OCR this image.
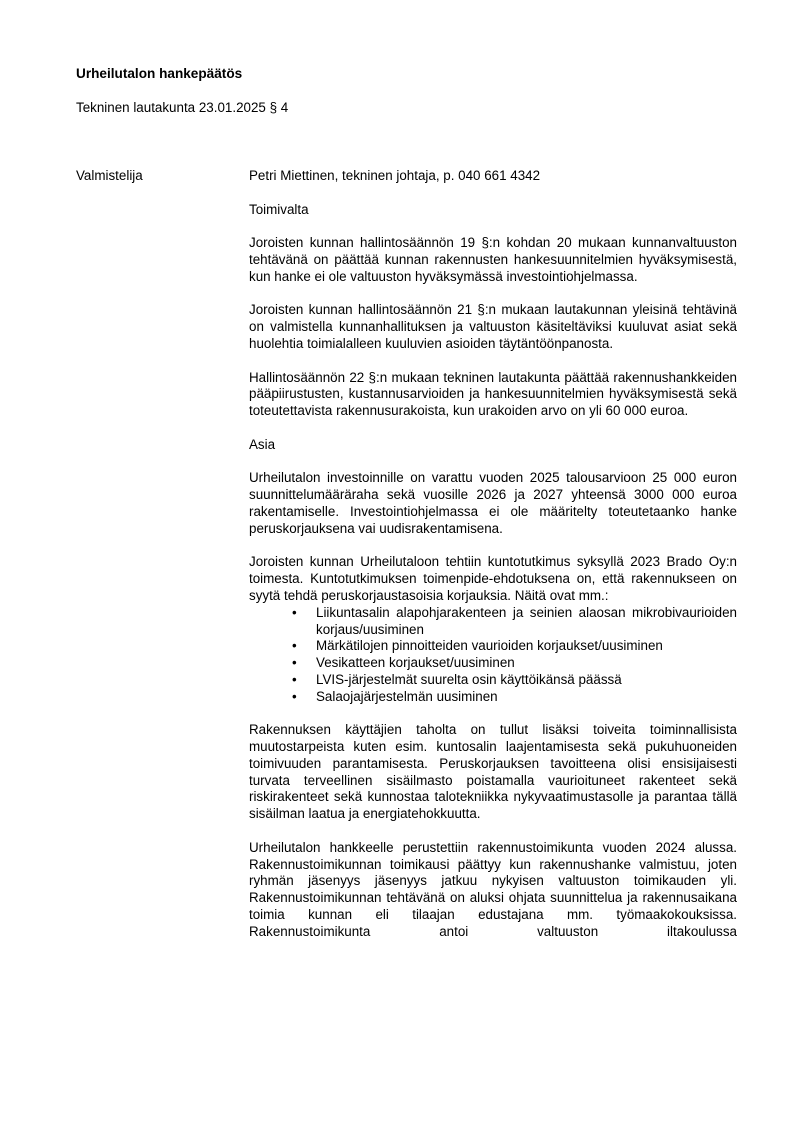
Urheilutalon hankepäätös
Tekninen lautakunta 23.01.2025 § 4
Valmistelija	Petri Miettinen, tekninen johtaja, p. 040 661 4342

Toimivalta

Joroisten kunnan hallintosäännön 19 §:n kohdan 20 mukaan kunnanvaltuuston tehtävänä on päättää kunnan rakennusten hankesuunnitelmien hyväksymisestä, kun hanke ei ole valtuuston hyväksymässä investointiohjelmassa.

Joroisten kunnan hallintosäännön 21 §:n mukaan lautakunnan yleisinä tehtävinä on valmistella kunnanhallituksen ja valtuuston käsiteltäviksi kuuluvat asiat sekä huolehtia toimialalleen kuuluvien asioiden täytäntöönpanosta.

Hallintosäännön 22 §:n mukaan tekninen lautakunta päättää rakennushankkeiden pääpiirustusten, kustannusarvioiden ja hankesuunnitelmien hyväksymisestä sekä toteutettavista rakennusurakoista, kun urakoiden arvo on yli 60 000 euroa.

Asia

Urheilutalon investoinnille on varattu vuoden 2025 talousarvioon 25 000 euron suunnittelumääräraha sekä vuosille 2026 ja 2027 yhteensä 3000 000 euroa rakentamiselle. Investointiohjelmassa ei ole määritelty toteutetaanko hanke peruskorjauksena vai uudisrakentamisena.

Joroisten kunnan Urheilutaloon tehtiin kuntotutkimus syksyllä 2023 Brado Oy:n toimesta. Kuntotutkimuksen toimenpide-ehdotuksena on, että rakennukseen on syytä tehdä peruskorjaustasoisia korjauksia. Näitä ovat mm.:

• Liikuntasalin alapohjarakenteen ja seinien alaosan mikrobivaurioiden korjaus/uusiminen
• Märkätilojen pinnoitteiden vaurioiden korjaukset/uusiminen
• Vesikatteen korjaukset/uusiminen
• LVIS-järjestelmät suurelta osin käyttöikänsä päässä
• Salaojajärjestelmän uusiminen

Rakennuksen käyttäjien taholta on tullut lisäksi toiveita toiminnallisista muutostarpeista kuten esim. kuntosalin laajentamisesta sekä pukuhuoneiden toimivuuden parantamisesta. Peruskorjauksen tavoitteena olisi ensisijaisesti turvata terveellinen sisäilmasto poistamalla vaurioituneet rakenteet sekä riskirakenteet sekä kunnostaa talotekniikka nykyvaatimustasolle ja parantaa tällä sisäilman laatua ja energiatehokkuutta.

Urheilutalon hankkeelle perustettiin rakennustoimikunta vuoden 2024 alussa. Rakennustoimikunnan toimikausi päättyy kun rakennushanke valmistuu, joten ryhmän jäsenyys jäsenyys jatkuu nykyisen valtuuston toimikauden yli. Rakennustoimikunnan tehtävänä on aluksi ohjata suunnittelua ja rakennusaikana toimia kunnan eli tilaajan edustajana mm. työmaakokouksissa. Rakennustoimikunta antoi valtuuston iltakoulussa
